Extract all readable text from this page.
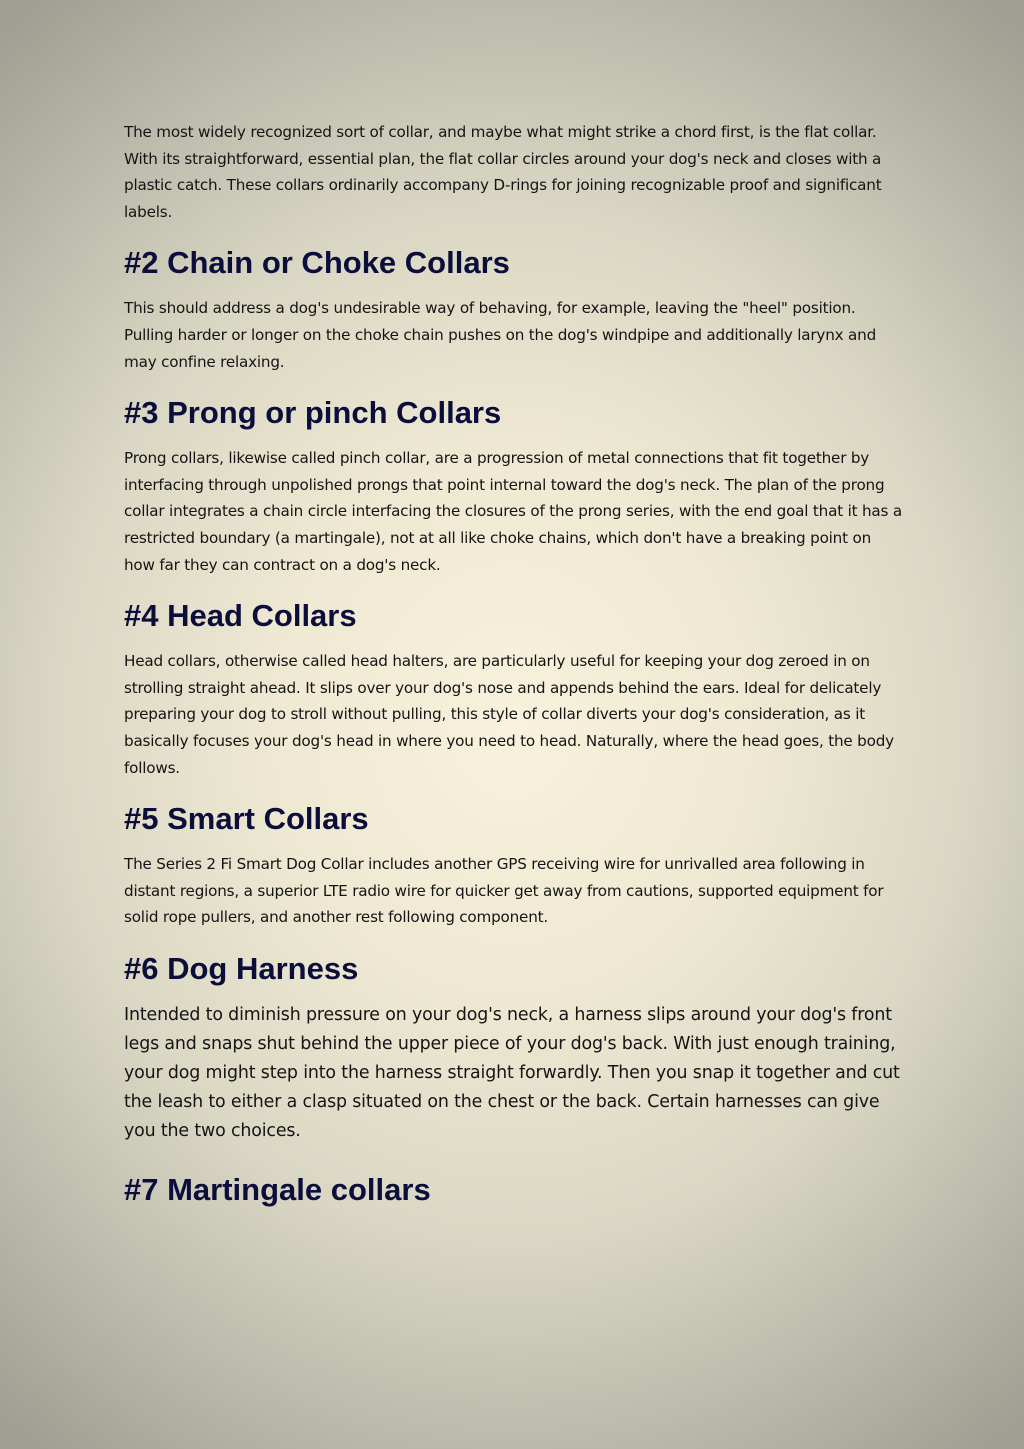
The most widely recognized sort of collar, and maybe what might strike a chord first, is the flat collar. With its straightforward, essential plan, the flat collar circles around your dog's neck and closes with a plastic catch. These collars ordinarily accompany D-rings for joining recognizable proof and significant labels.

#2 Chain or Choke Collars

This should address a dog's undesirable way of behaving, for example, leaving the "heel" position. Pulling harder or longer on the choke chain pushes on the dog's windpipe and additionally larynx and may confine relaxing.

#3 Prong or pinch Collars

Prong collars, likewise called pinch collar, are a progression of metal connections that fit together by interfacing through unpolished prongs that point internal toward the dog's neck. The plan of the prong collar integrates a chain circle interfacing the closures of the prong series, with the end goal that it has a restricted boundary (a martingale), not at all like choke chains, which don't have a breaking point on how far they can contract on a dog's neck.

#4 Head Collars

Head collars, otherwise called head halters, are particularly useful for keeping your dog zeroed in on strolling straight ahead. It slips over your dog's nose and appends behind the ears. Ideal for delicately preparing your dog to stroll without pulling, this style of collar diverts your dog's consideration, as it basically focuses your dog's head in where you need to head. Naturally, where the head goes, the body follows.

#5 Smart Collars

The Series 2 Fi Smart Dog Collar includes another GPS receiving wire for unrivalled area following in distant regions, a superior LTE radio wire for quicker get away from cautions, supported equipment for solid rope pullers, and another rest following component.

#6 Dog Harness

Intended to diminish pressure on your dog's neck, a harness slips around your dog's front legs and snaps shut behind the upper piece of your dog's back. With just enough training, your dog might step into the harness straight forwardly. Then you snap it together and cut the leash to either a clasp situated on the chest or the back. Certain harnesses can give you the two choices.

#7 Martingale collars
